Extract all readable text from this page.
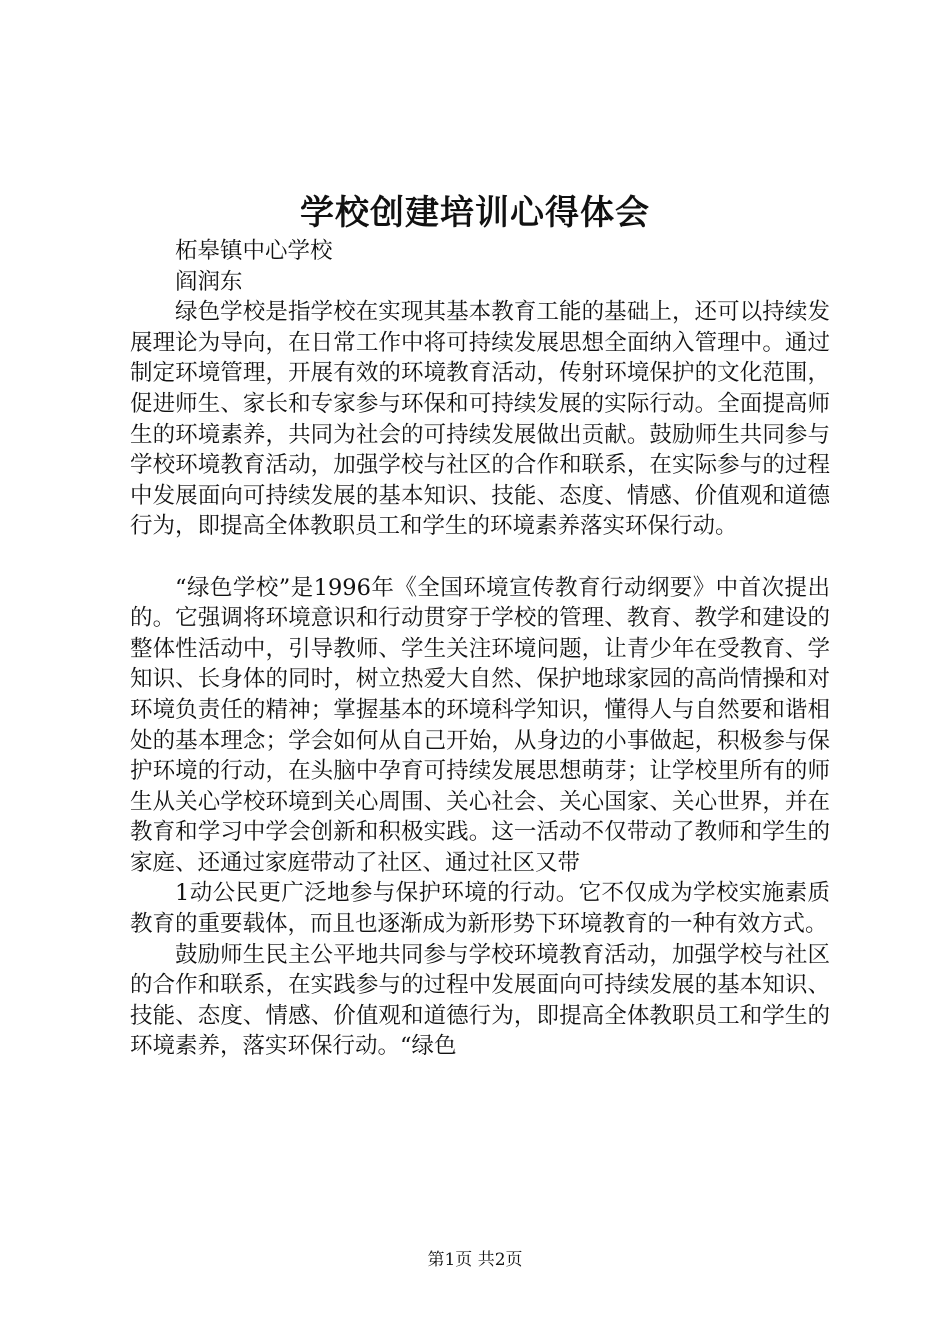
学校创建培训心得体会

柘皋镇中心学校

阎润东

绿色学校是指学校在实现其基本教育工能的基础上，还可以持续发展理论为导向，在日常工作中将可持续发展思想全面纳入管理中。通过制定环境管理，开展有效的环境教育活动，传射环境保护的文化范围，促进师生、家长和专家参与环保和可持续发展的实际行动。全面提高师生的环境素养，共同为社会的可持续发展做出贡献。鼓励师生共同参与学校环境教育活动，加强学校与社区的合作和联系，在实际参与的过程中发展面向可持续发展的基本知识、技能、态度、情感、价值观和道德行为，即提高全体教职员工和学生的环境素养落实环保行动。

“绿色学校”是1996年《全国环境宣传教育行动纲要》中首次提出的。它强调将环境意识和行动贯穿于学校的管理、教育、教学和建设的整体性活动中，引导教师、学生关注环境问题，让青少年在受教育、学知识、长身体的同时，树立热爱大自然、保护地球家园的高尚情操和对环境负责任的精神；掌握基本的环境科学知识，懂得人与自然要和谐相处的基本理念；学会如何从自己开始，从身边的小事做起，积极参与保护环境的行动，在头脑中孕育可持续发展思想萌芽；让学校里所有的师生从关心学校环境到关心周围、关心社会、关心国家、关心世界，并在教育和学习中学会创新和积极实践。这一活动不仅带动了教师和学生的家庭、还通过家庭带动了社区、通过社区又带

1动公民更广泛地参与保护环境的行动。它不仅成为学校实施素质教育的重要载体，而且也逐渐成为新形势下环境教育的一种有效方式。

鼓励师生民主公平地共同参与学校环境教育活动，加强学校与社区的合作和联系，在实践参与的过程中发展面向可持续发展的基本知识、技能、态度、情感、价值观和道德行为，即提高全体教职员工和学生的环境素养，落实环保行动。“绿色

第1页 共2页
